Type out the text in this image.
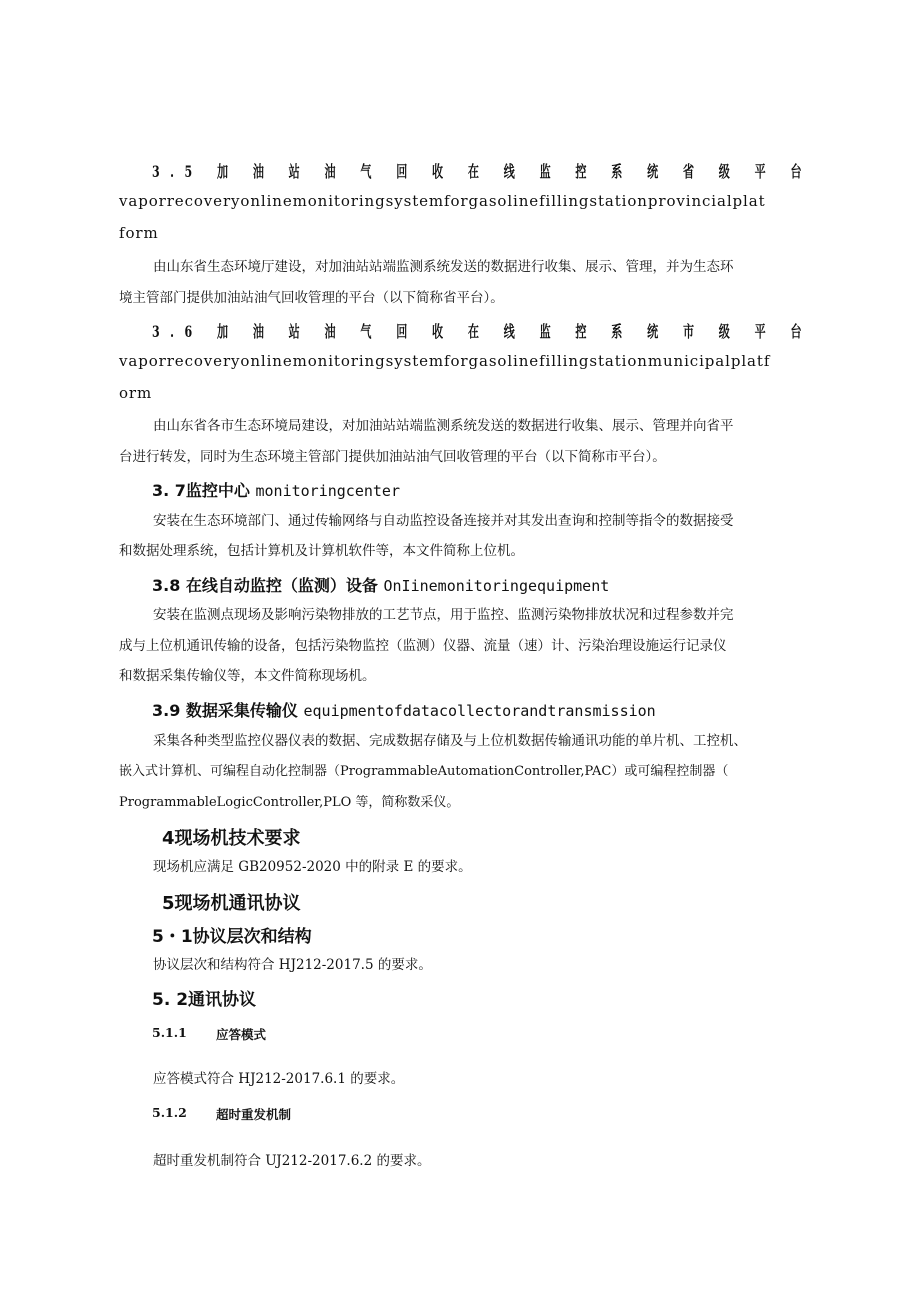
3.5 加 油 站 油 气 回 收 在 线 监 控 系 统 省 级 平 台
vaporrecoveryonlinemonitoringsystemforgasolinefillingstationprovincialplat
form
由山东省生态环境厅建设，对加油站站端监测系统发送的数据进行收集、展示、管理，并为生态环
境主管部门提供加油站油气回收管理的平台（以下简称省平台）。
3.6 加 油 站 油 气 回 收 在 线 监 控 系 统 市 级 平 台
vaporrecoveryonlinemonitoringsystemforgasolinefillingstationmunicipalplatf
orm
由山东省各市生态环境局建设，对加油站站端监测系统发送的数据进行收集、展示、管理并向省平
台进行转发，同时为生态环境主管部门提供加油站油气回收管理的平台（以下简称市平台）。
3. 7监控中心 monitoringcenter
安装在生态环境部门、通过传输网络与自动监控设备连接并对其发出查询和控制等指令的数据接受
和数据处理系统，包括计算机及计算机软件等，本文件简称上位机。
3.8 在线自动监控（监测）设备 OnIinemonitoringequipment
安装在监测点现场及影响污染物排放的工艺节点，用于监控、监测污染物排放状况和过程参数并完
成与上位机通讯传输的设备，包括污染物监控（监测）仪器、流量（速）计、污染治理设施运行记录仪
和数据采集传输仪等，本文件简称现场机。
3.9 数据采集传输仪 equipmentofdatacollectorandtransmission
采集各种类型监控仪器仪表的数据、完成数据存储及与上位机数据传输通讯功能的单片机、工控机、
嵌入式计算机、可编程自动化控制器（ProgrammableAutomationController,PAC）或可编程控制器（
ProgrammableLogicController,PLO 等，简称数采仪。
4现场机技术要求
现场机应满足 GB20952-2020 中的附录 E 的要求。
5现场机通讯协议
5・1协议层次和结构
协议层次和结构符合 HJ212-2017.5 的要求。
5. 2通讯协议
5.1.1 应答模式
应答模式符合 HJ212-2017.6.1 的要求。
5.1.2 超时重发机制
超时重发机制符合 UJ212-2017.6.2 的要求。
